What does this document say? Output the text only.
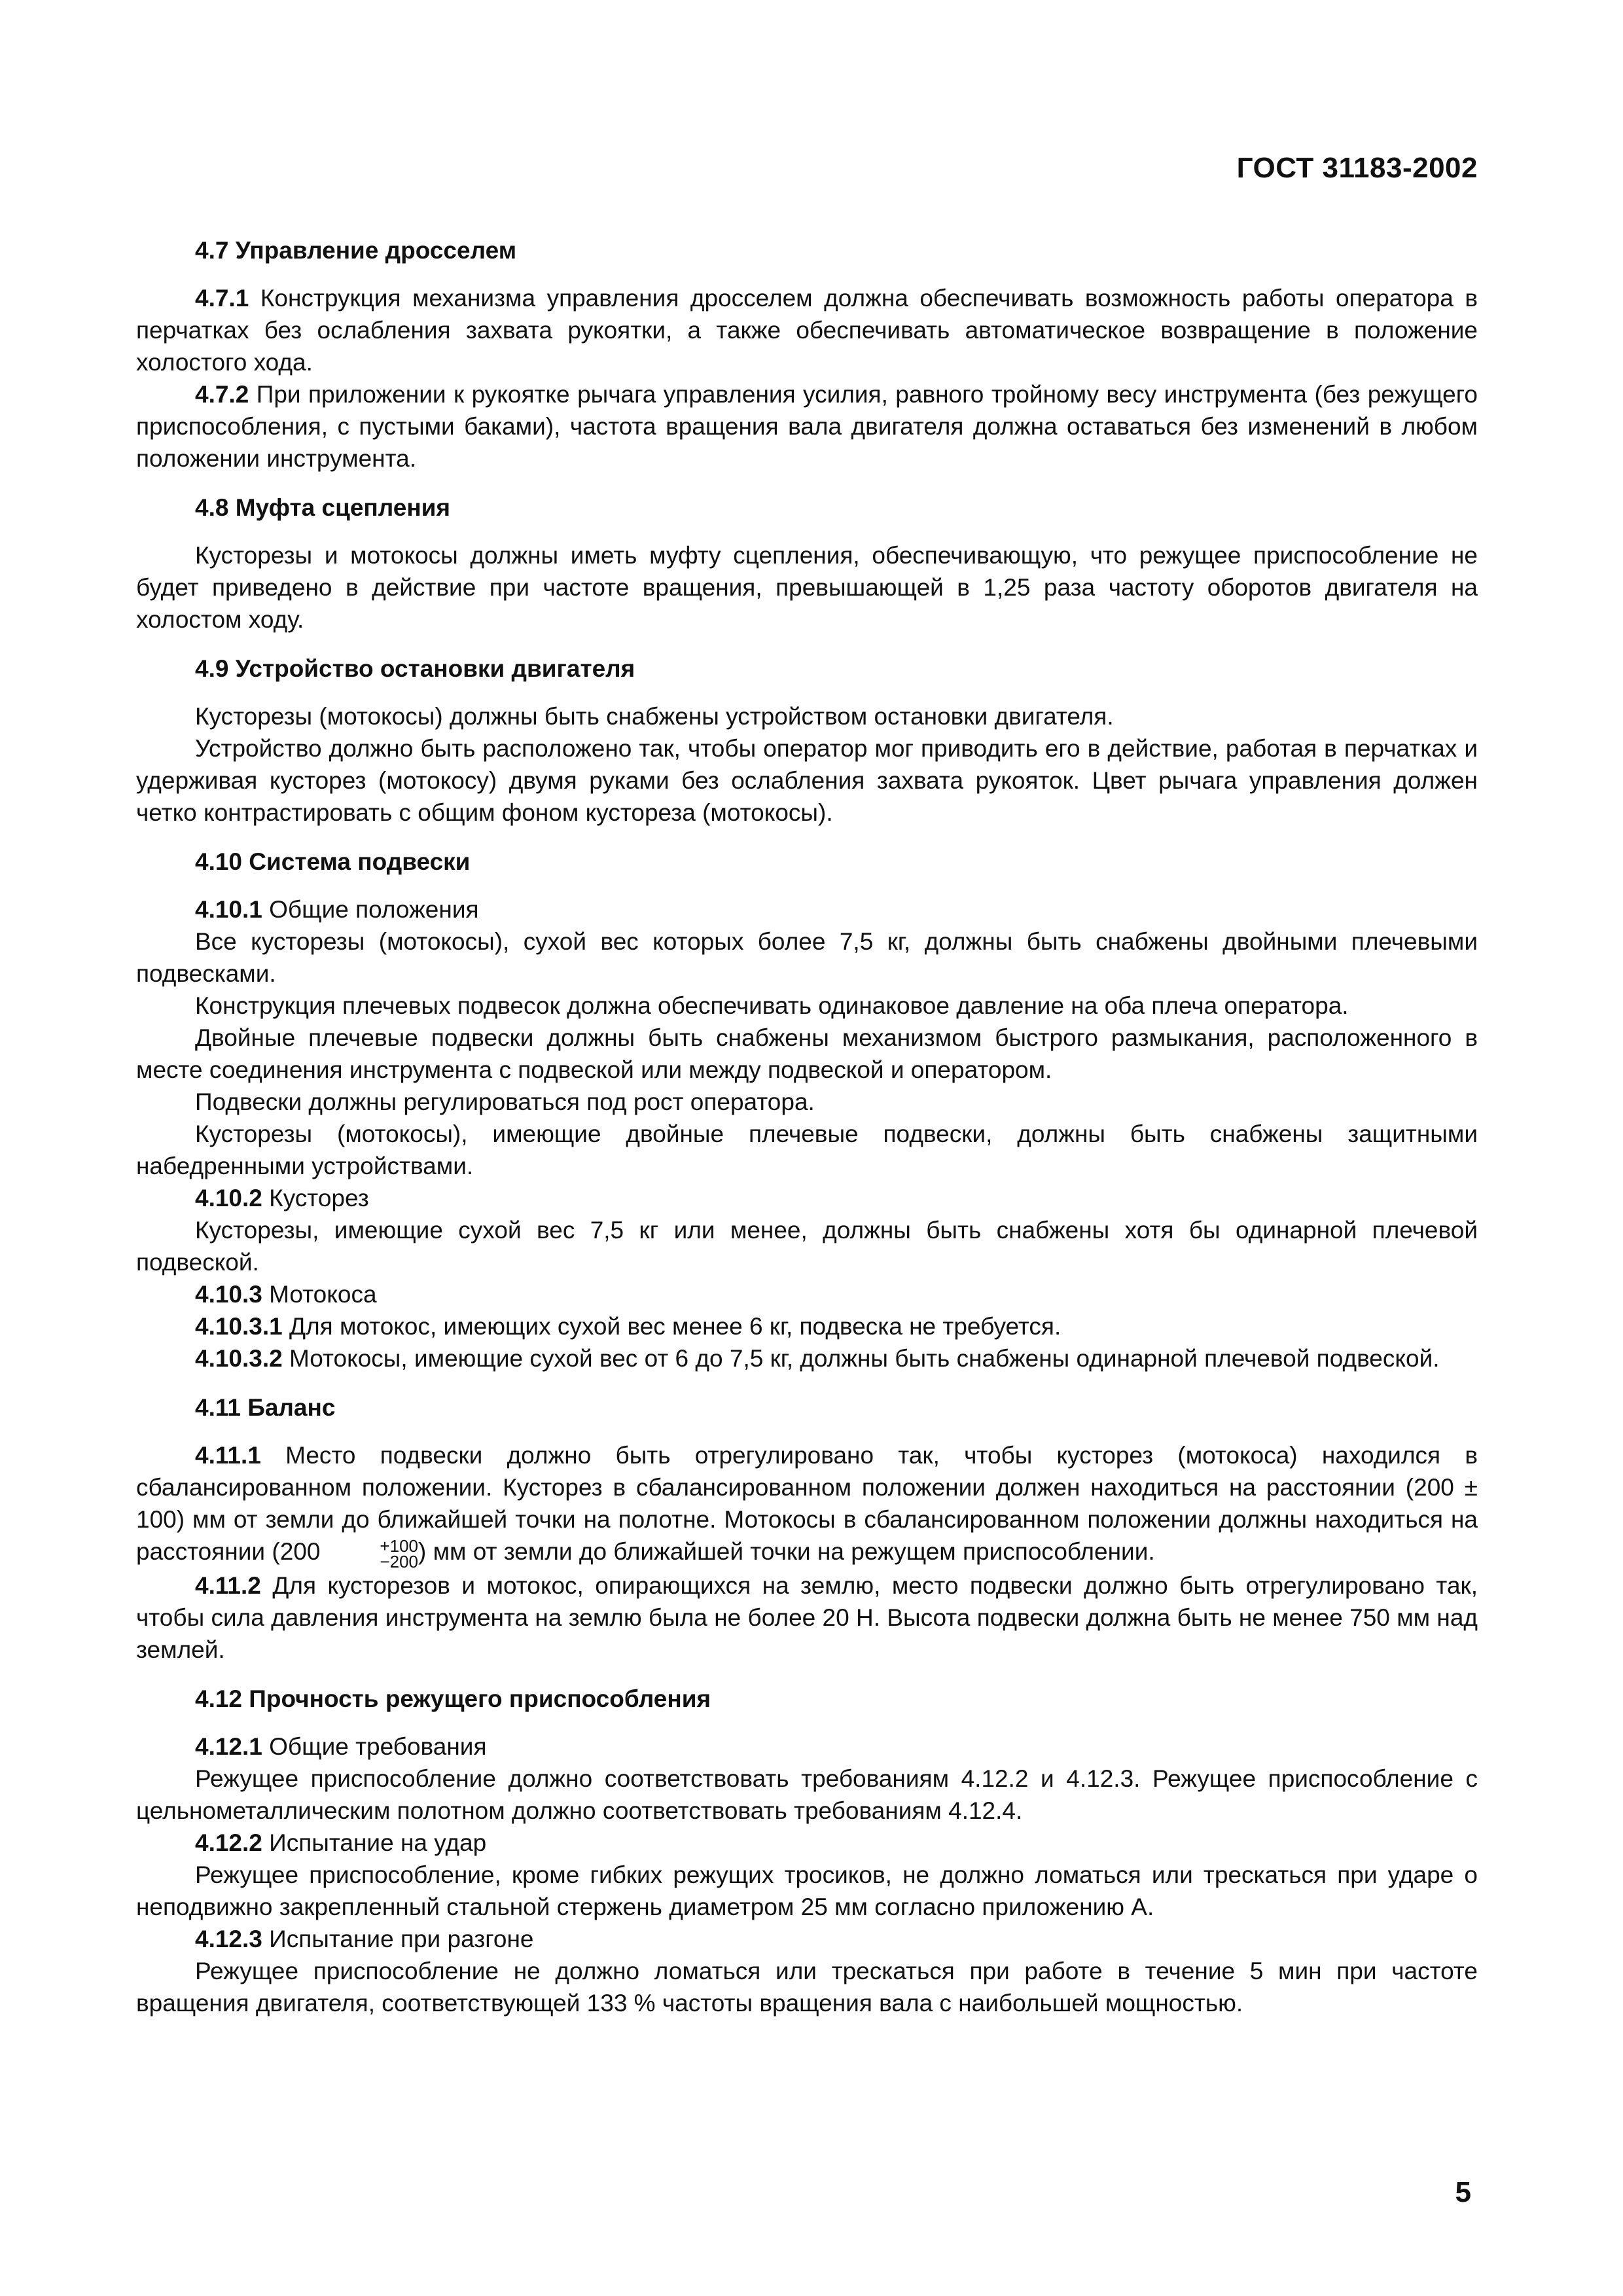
ГОСТ 31183-2002
4.7 Управление дросселем

4.7.1 Конструкция механизма управления дросселем должна обеспечивать возможность работы оператора в перчатках без ослабления захвата рукоятки, а также обеспечивать автоматическое возвращение в положение холостого хода.

4.7.2 При приложении к рукоятке рычага управления усилия, равного тройному весу инструмента (без режущего приспособления, с пустыми баками), частота вращения вала двигателя должна оставаться без изменений в любом положении инструмента.

4.8 Муфта сцепления

Кусторезы и мотокосы должны иметь муфту сцепления, обеспечивающую, что режущее приспособление не будет приведено в действие при частоте вращения, превышающей в 1,25 раза частоту оборотов двигателя на холостом ходу.

4.9 Устройство остановки двигателя

Кусторезы (мотокосы) должны быть снабжены устройством остановки двигателя.

Устройство должно быть расположено так, чтобы оператор мог приводить его в действие, работая в перчатках и удерживая кусторез (мотокосу) двумя руками без ослабления захвата рукояток. Цвет рычага управления должен четко контрастировать с общим фоном кустореза (мотокосы).

4.10 Система подвески

4.10.1 Общие положения

Все кусторезы (мотокосы), сухой вес которых более 7,5 кг, должны быть снабжены двойными плечевыми подвесками.

Конструкция плечевых подвесок должна обеспечивать одинаковое давление на оба плеча оператора.

Двойные плечевые подвески должны быть снабжены механизмом быстрого размыкания, расположенного в месте соединения инструмента с подвеской или между подвеской и оператором.

Подвески должны регулироваться под рост оператора.

Кусторезы (мотокосы), имеющие двойные плечевые подвески, должны быть снабжены защитными набедренными устройствами.

4.10.2 Кусторез

Кусторезы, имеющие сухой вес 7,5 кг или менее, должны быть снабжены хотя бы одинарной плечевой подвеской.

4.10.3 Мотокоса

4.10.3.1 Для мотокос, имеющих сухой вес менее 6 кг, подвеска не требуется.

4.10.3.2 Мотокосы, имеющие сухой вес от 6 до 7,5 кг, должны быть снабжены одинарной плечевой подвеской.

4.11 Баланс

4.11.1 Место подвески должно быть отрегулировано так, чтобы кусторез (мотокоса) находился в сбалансированном положении. Кусторез в сбалансированном положении должен находиться на расстоянии (200 ± 100) мм от земли до ближайшей точки на полотне. Мотокосы в сбалансированном положении должны находиться на расстоянии (200	+100
−200 ) мм от земли до ближайшей точки на режущем приспособлении.

4.11.2 Для кусторезов и мотокос, опирающихся на землю, место подвески должно быть отрегулировано так, чтобы сила давления инструмента на землю была не более 20 Н. Высота подвески должна быть не менее 750 мм над землей.

4.12 Прочность режущего приспособления

4.12.1 Общие требования

Режущее приспособление должно соответствовать требованиям 4.12.2 и 4.12.3. Режущее приспособление с цельнометаллическим полотном должно соответствовать требованиям 4.12.4.

4.12.2 Испытание на удар

Режущее приспособление, кроме гибких режущих тросиков, не должно ломаться или трескаться при ударе о неподвижно закрепленный стальной стержень диаметром 25 мм согласно приложению А.

4.12.3 Испытание при разгоне

Режущее приспособление не должно ломаться или трескаться при работе в течение 5 мин при частоте вращения двигателя, соответствующей 133 % частоты вращения вала с наибольшей мощностью.

5
